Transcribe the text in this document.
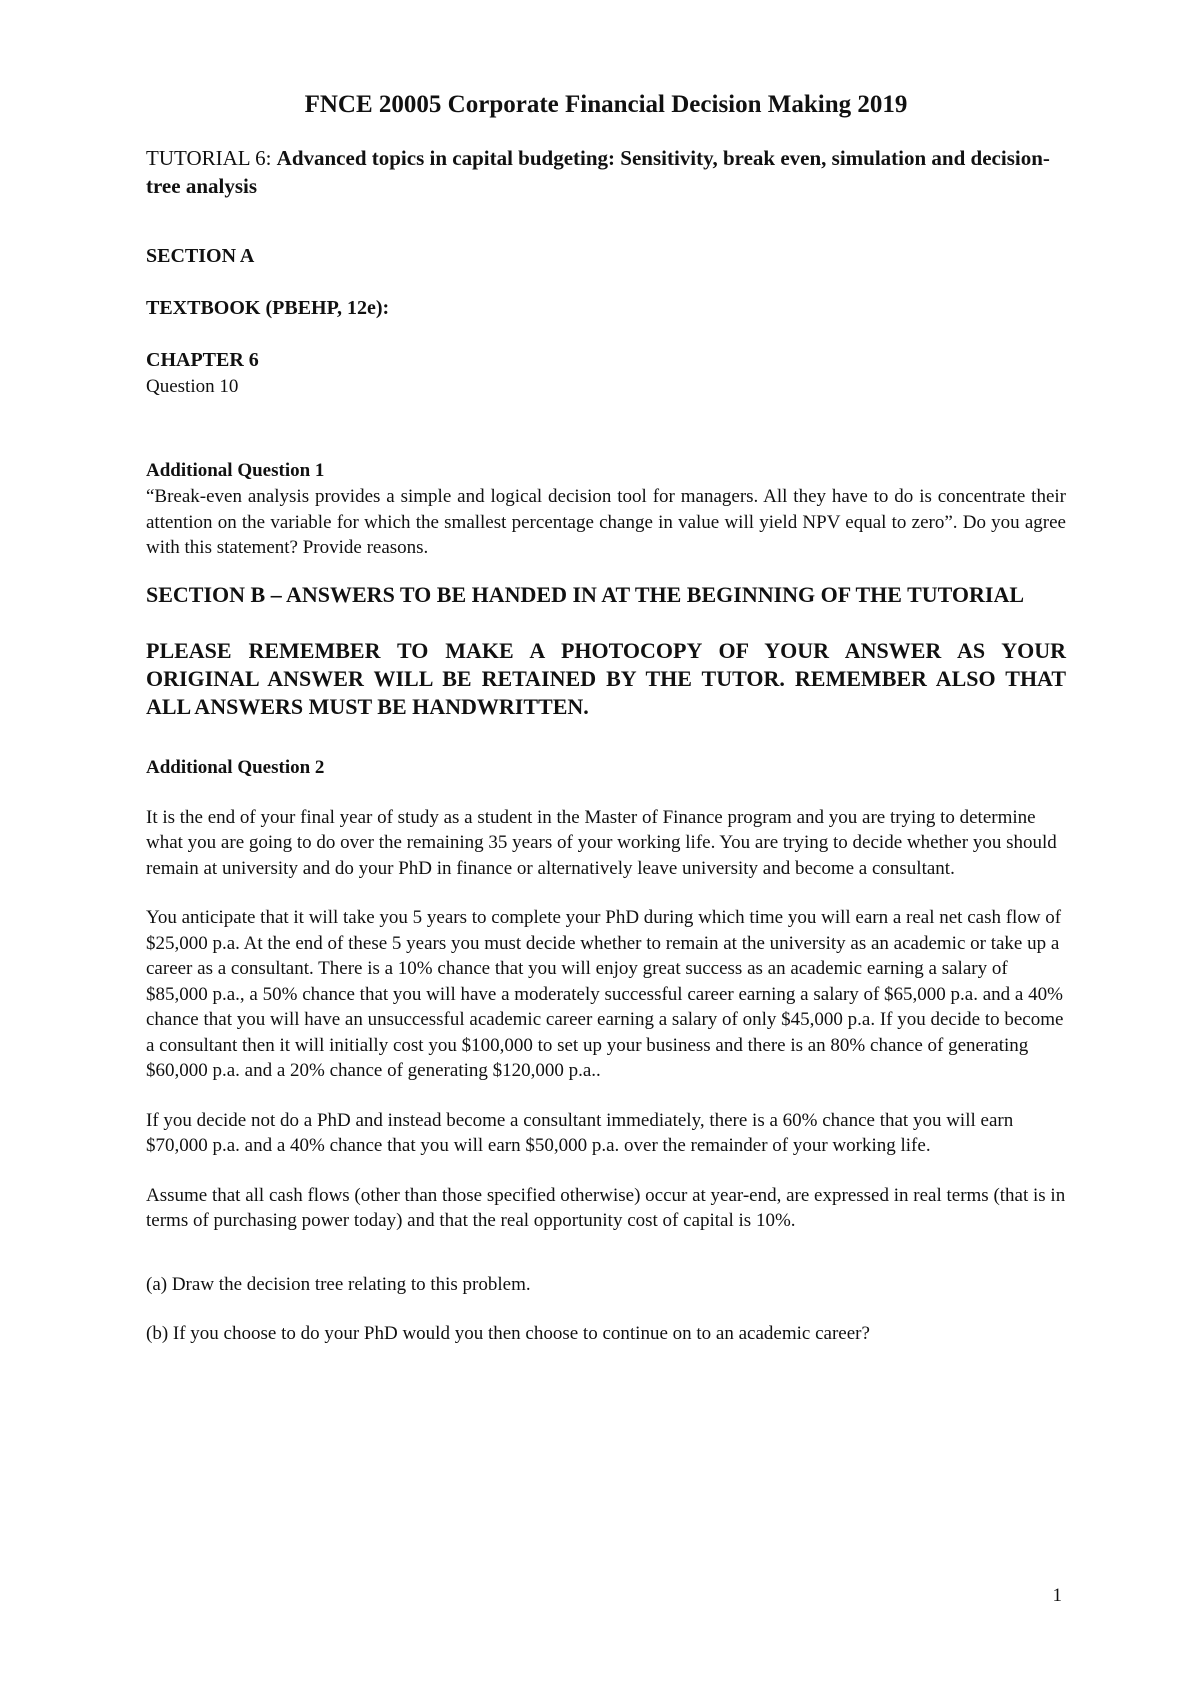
FNCE 20005 Corporate Financial Decision Making 2019

TUTORIAL 6: Advanced topics in capital budgeting: Sensitivity, break even, simulation and decision-tree analysis

SECTION A

TEXTBOOK (PBEHP, 12e):

CHAPTER 6

Question 10

Additional Question 1

“Break-even analysis provides a simple and logical decision tool for managers. All they have to do is concentrate their attention on the variable for which the smallest percentage change in value will yield NPV equal to zero”. Do you agree with this statement? Provide reasons.

SECTION B – ANSWERS TO BE HANDED IN AT THE BEGINNING OF THE TUTORIAL

PLEASE REMEMBER TO MAKE A PHOTOCOPY OF YOUR ANSWER AS YOUR ORIGINAL ANSWER WILL BE RETAINED BY THE TUTOR. REMEMBER ALSO THAT ALL ANSWERS MUST BE HANDWRITTEN.

Additional Question 2

It is the end of your final year of study as a student in the Master of Finance program and you are trying to determine what you are going to do over the remaining 35 years of your working life. You are trying to decide whether you should remain at university and do your PhD in finance or alternatively leave university and become a consultant.

You anticipate that it will take you 5 years to complete your PhD during which time you will earn a real net cash flow of $25,000 p.a. At the end of these 5 years you must decide whether to remain at the university as an academic or take up a career as a consultant. There is a 10% chance that you will enjoy great success as an academic earning a salary of $85,000 p.a., a 50% chance that you will have a moderately successful career earning a salary of $65,000 p.a. and a 40% chance that you will have an unsuccessful academic career earning a salary of only $45,000 p.a. If you decide to become a consultant then it will initially cost you $100,000 to set up your business and there is an 80% chance of generating $60,000 p.a. and a 20% chance of generating $120,000 p.a..

If you decide not do a PhD and instead become a consultant immediately, there is a 60% chance that you will earn $70,000 p.a. and a 40% chance that you will earn $50,000 p.a. over the remainder of your working life.

Assume that all cash flows (other than those specified otherwise) occur at year-end, are expressed in real terms (that is in terms of purchasing power today) and that the real opportunity cost of capital is 10%.

(a) Draw the decision tree relating to this problem.

(b) If you choose to do your PhD would you then choose to continue on to an academic career?

1
